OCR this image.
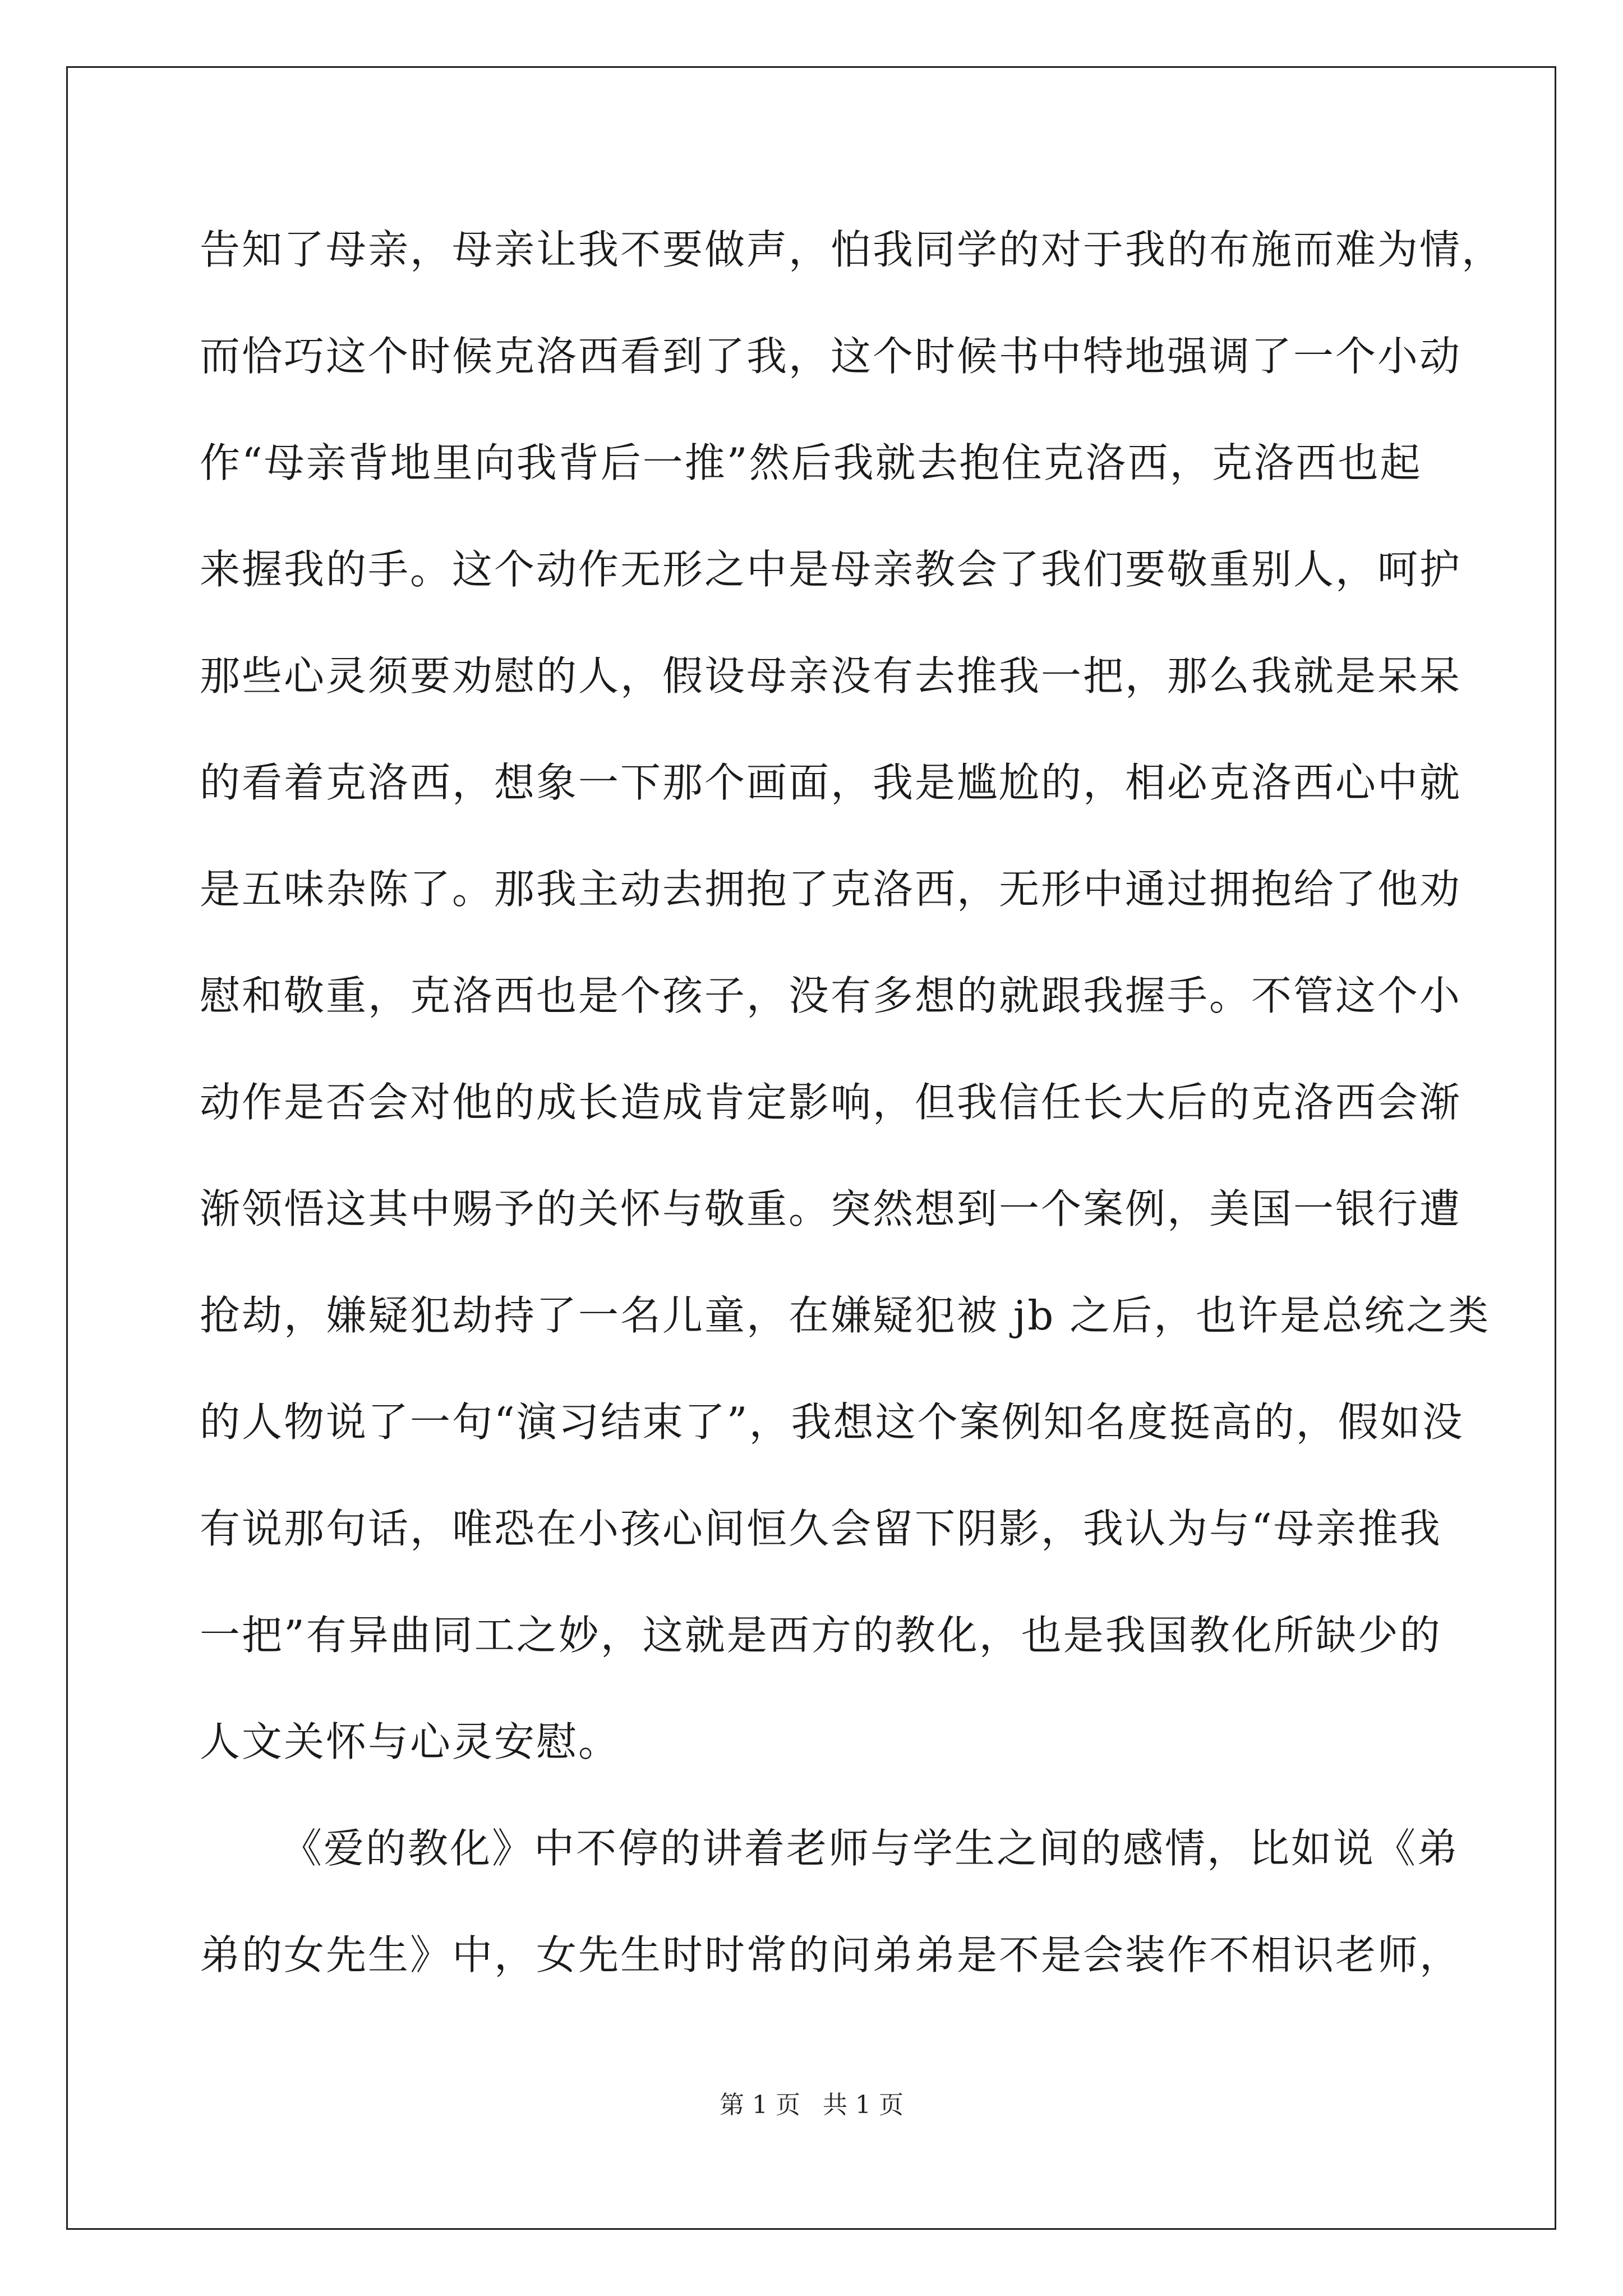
告知了母亲，母亲让我不要做声，怕我同学的对于我的布施而难为情，
而恰巧这个时候克洛西看到了我，这个时候书中特地强调了一个小动
作“母亲背地里向我背后一推”然后我就去抱住克洛西，克洛西也起
来握我的手。这个动作无形之中是母亲教会了我们要敬重别人，呵护
那些心灵须要劝慰的人，假设母亲没有去推我一把，那么我就是呆呆
的看着克洛西，想象一下那个画面，我是尴尬的，相必克洛西心中就
是五味杂陈了。那我主动去拥抱了克洛西，无形中通过拥抱给了他劝
慰和敬重，克洛西也是个孩子，没有多想的就跟我握手。不管这个小
动作是否会对他的成长造成肯定影响，但我信任长大后的克洛西会渐
渐领悟这其中赐予的关怀与敬重。突然想到一个案例，美国一银行遭
抢劫，嫌疑犯劫持了一名儿童，在嫌疑犯被 jb 之后，也许是总统之类
的人物说了一句“演习结束了”，我想这个案例知名度挺高的，假如没
有说那句话，唯恐在小孩心间恒久会留下阴影，我认为与“母亲推我
一把”有异曲同工之妙，这就是西方的教化，也是我国教化所缺少的
人文关怀与心灵安慰。
《爱的教化》中不停的讲着老师与学生之间的感情，比如说《弟
弟的女先生》中，女先生时时常的问弟弟是不是会装作不相识老师，
第 1 页 共 1 页
